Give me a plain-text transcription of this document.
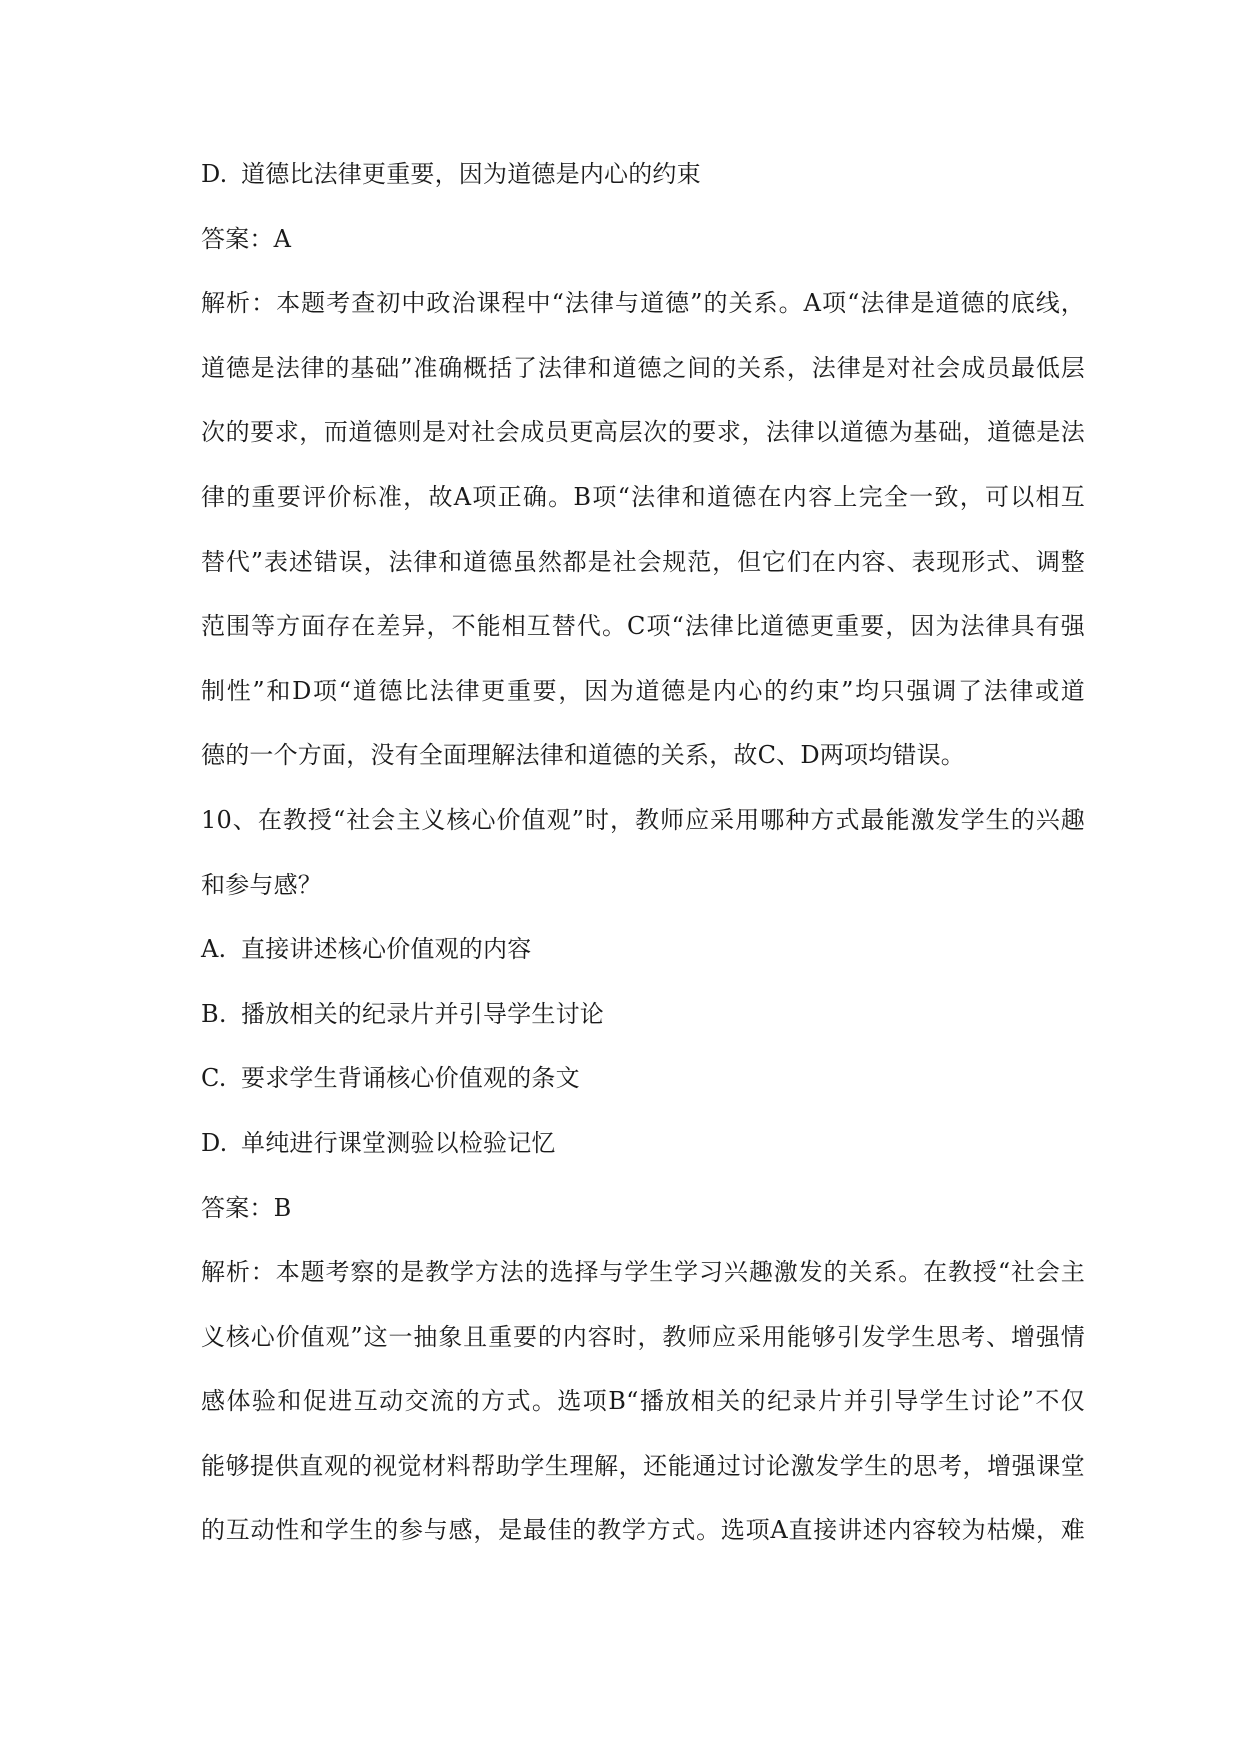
D. 道德比法律更重要，因为道德是内心的约束
答案：A
解析：本题考查初中政治课程中“法律与道德”的关系。A项“法律是道德的底线，
道德是法律的基础”准确概括了法律和道德之间的关系，法律是对社会成员最低层
次的要求，而道德则是对社会成员更高层次的要求，法律以道德为基础，道德是法
律的重要评价标准，故A项正确。B项“法律和道德在内容上完全一致，可以相互
替代”表述错误，法律和道德虽然都是社会规范，但它们在内容、表现形式、调整
范围等方面存在差异，不能相互替代。C项“法律比道德更重要，因为法律具有强
制性”和D项“道德比法律更重要，因为道德是内心的约束”均只强调了法律或道
德的一个方面，没有全面理解法律和道德的关系，故C、D两项均错误。
10、在教授“社会主义核心价值观”时，教师应采用哪种方式最能激发学生的兴趣
和参与感？
A. 直接讲述核心价值观的内容
B. 播放相关的纪录片并引导学生讨论
C. 要求学生背诵核心价值观的条文
D. 单纯进行课堂测验以检验记忆
答案：B
解析：本题考察的是教学方法的选择与学生学习兴趣激发的关系。在教授“社会主
义核心价值观”这一抽象且重要的内容时，教师应采用能够引发学生思考、增强情
感体验和促进互动交流的方式。选项B“播放相关的纪录片并引导学生讨论”不仅
能够提供直观的视觉材料帮助学生理解，还能通过讨论激发学生的思考，增强课堂
的互动性和学生的参与感，是最佳的教学方式。选项A直接讲述内容较为枯燥，难
